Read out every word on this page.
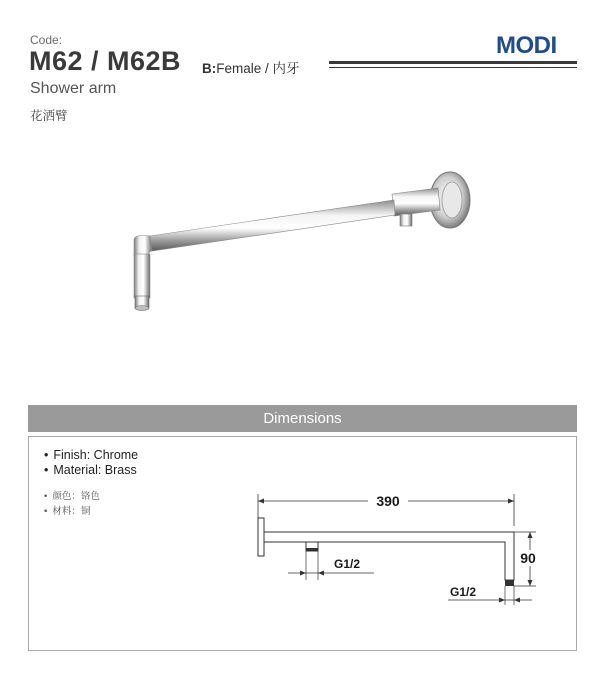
Code:
M62 / M62B B:Female / 内牙
MODI
Shower arm
花洒臂
Dimensions
• Finish: Chrome
• Material: Brass
• 颜色：铬色
• 材料：铜
390
90
G1/2
G1/2
